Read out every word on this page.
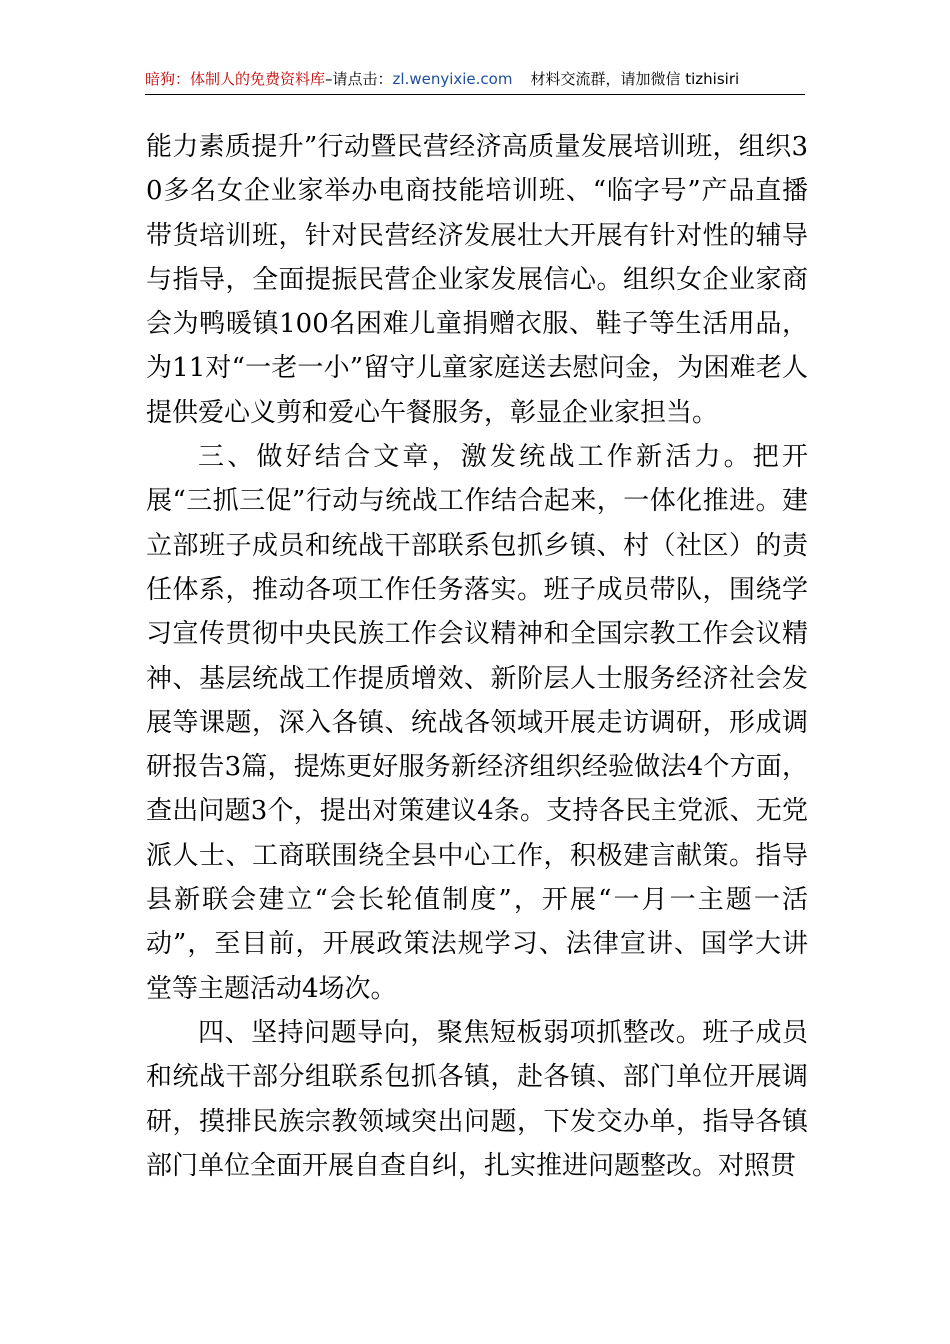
暗狗：体制人的免费资料库–请点击：zl.wenyixie.com 材料交流群，请加微信 tizhisiri

能力素质提升”行动暨民营经济高质量发展培训班，组织30多名女企业家举办电商技能培训班、“临字号”产品直播带货培训班，针对民营经济发展壮大开展有针对性的辅导与指导，全面提振民营企业家发展信心。组织女企业家商会为鸭暖镇100名困难儿童捐赠衣服、鞋子等生活用品，为11对“一老一小”留守儿童家庭送去慰问金，为困难老人提供爱心义剪和爱心午餐服务，彰显企业家担当。

三、做好结合文章，激发统战工作新活力。把开展“三抓三促”行动与统战工作结合起来，一体化推进。建立部班子成员和统战干部联系包抓乡镇、村（社区）的责任体系，推动各项工作任务落实。班子成员带队，围绕学习宣传贯彻中央民族工作会议精神和全国宗教工作会议精神、基层统战工作提质增效、新阶层人士服务经济社会发展等课题，深入各镇、统战各领域开展走访调研，形成调研报告3篇，提炼更好服务新经济组织经验做法4个方面，查出问题3个，提出对策建议4条。支持各民主党派、无党派人士、工商联围绕全县中心工作，积极建言献策。指导县新联会建立“会长轮值制度”，开展“一月一主题一活动”，至目前，开展政策法规学习、法律宣讲、国学大讲堂等主题活动4场次。

四、坚持问题导向，聚焦短板弱项抓整改。班子成员和统战干部分组联系包抓各镇，赴各镇、部门单位开展调研，摸排民族宗教领域突出问题，下发交办单，指导各镇部门单位全面开展自查自纠，扎实推进问题整改。对照贯
